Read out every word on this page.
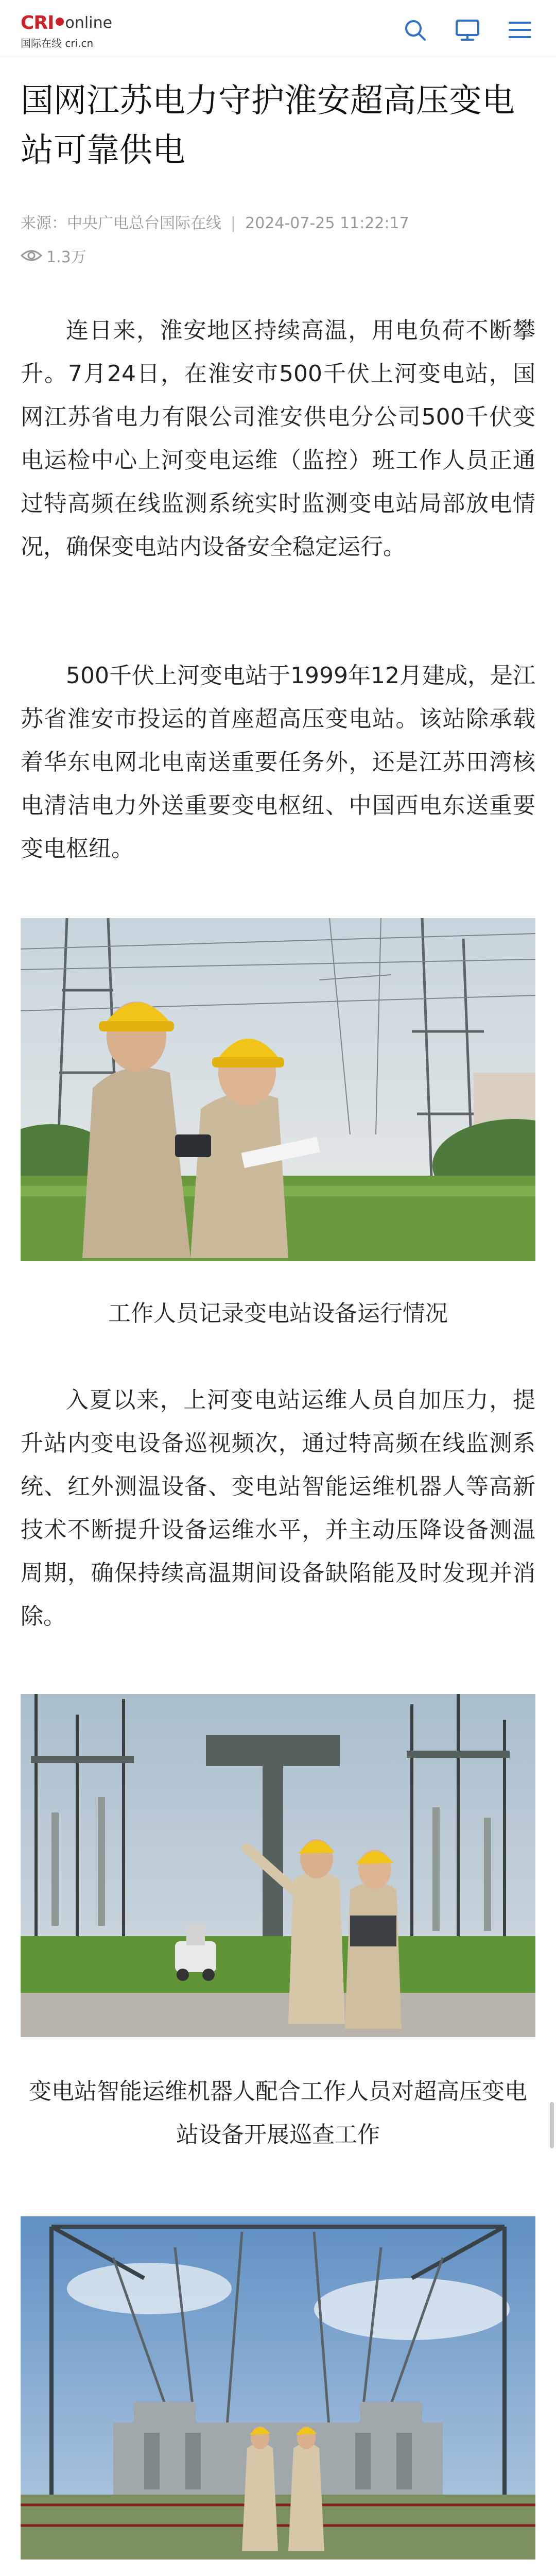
CRI online
国际在线 cri.cn
国网江苏电力守护淮安超高压变电站可靠供电
来源：中央广电总台国际在线 | 2024-07-25 11:22:17
1.3万

连日来，淮安地区持续高温，用电负荷不断攀升。7月24日，在淮安市500千伏上河变电站，国网江苏省电力有限公司淮安供电分公司500千伏变电运检中心上河变电运维（监控）班工作人员正通过特高频在线监测系统实时监测变电站局部放电情况，确保变电站内设备安全稳定运行。

500千伏上河变电站于1999年12月建成，是江苏省淮安市投运的首座超高压变电站。该站除承载着华东电网北电南送重要任务外，还是江苏田湾核电清洁电力外送重要变电枢纽、中国西电东送重要变电枢纽。

工作人员记录变电站设备运行情况

入夏以来，上河变电站运维人员自加压力，提升站内变电设备巡视频次，通过特高频在线监测系统、红外测温设备、变电站智能运维机器人等高新技术不断提升设备运维水平，并主动压降设备测温周期，确保持续高温期间设备缺陷能及时发现并消除。

变电站智能运维机器人配合工作人员对超高压变电站设备开展巡查工作
